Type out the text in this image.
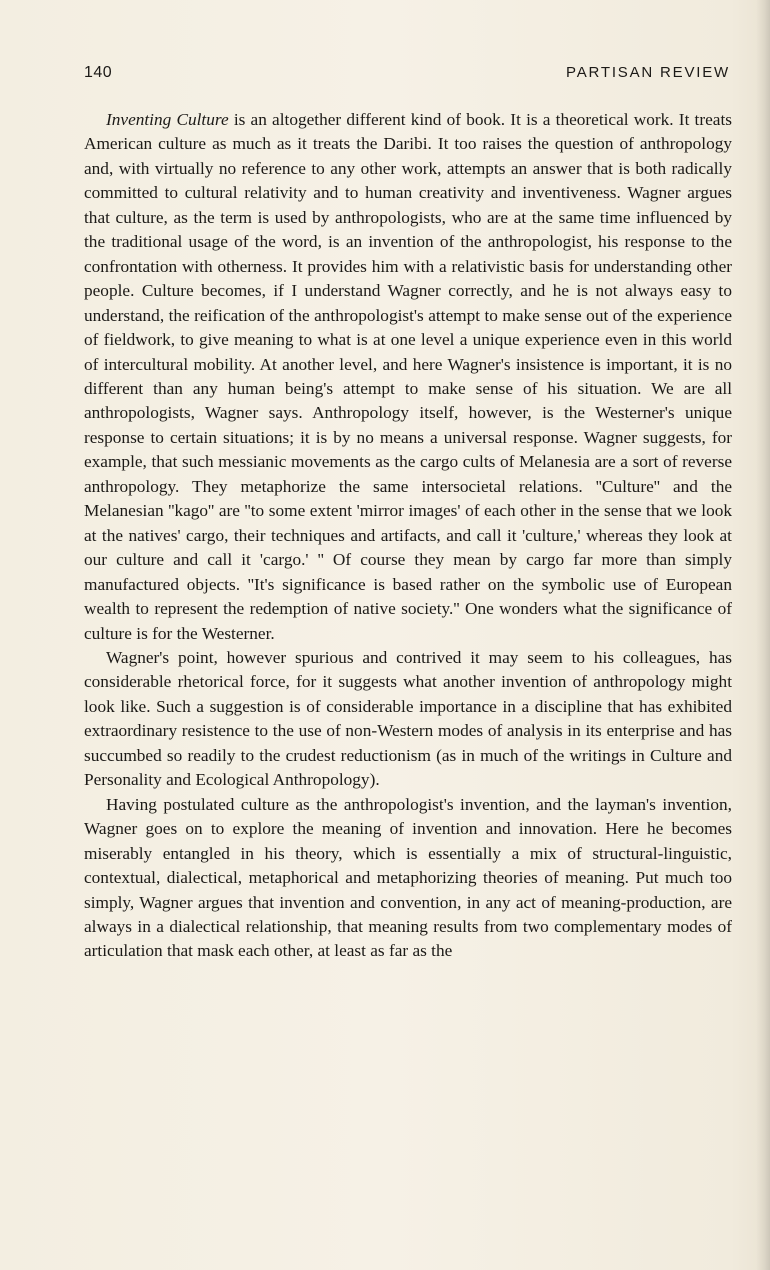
140	PARTISAN REVIEW

Inventing Culture is an altogether different kind of book. It is a theoretical work. It treats American culture as much as it treats the Daribi. It too raises the question of anthropology and, with virtually no reference to any other work, attempts an answer that is both radically committed to cultural relativity and to human creativity and inventiveness. Wagner argues that culture, as the term is used by anthropologists, who are at the same time influenced by the traditional usage of the word, is an invention of the anthropologist, his response to the confrontation with otherness. It provides him with a relativistic basis for understanding other people. Culture becomes, if I understand Wagner correctly, and he is not always easy to understand, the reification of the anthropologist's attempt to make sense out of the experience of fieldwork, to give meaning to what is at one level a unique experience even in this world of intercultural mobility. At another level, and here Wagner's insistence is important, it is no different than any human being's attempt to make sense of his situation. We are all anthropologists, Wagner says. Anthropology itself, however, is the Westerner's unique response to certain situations; it is by no means a universal response. Wagner suggests, for example, that such messianic movements as the cargo cults of Melanesia are a sort of reverse anthropology. They metaphorize the same intersocietal relations. ''Culture'' and the Melanesian ''kago'' are ''to some extent 'mirror images' of each other in the sense that we look at the natives' cargo, their techniques and artifacts, and call it 'culture,' whereas they look at our culture and call it 'cargo.' '' Of course they mean by cargo far more than simply manufactured objects. ''It's significance is based rather on the symbolic use of European wealth to represent the redemption of native society.'' One wonders what the significance of culture is for the Westerner.

Wagner's point, however spurious and contrived it may seem to his colleagues, has considerable rhetorical force, for it suggests what another invention of anthropology might look like. Such a suggestion is of considerable importance in a discipline that has exhibited extraordinary resistence to the use of non-Western modes of analysis in its enterprise and has succumbed so readily to the crudest reductionism (as in much of the writings in Culture and Personality and Ecological Anthropology).

Having postulated culture as the anthropologist's invention, and the layman's invention, Wagner goes on to explore the meaning of invention and innovation. Here he becomes miserably entangled in his theory, which is essentially a mix of structural-linguistic, contextual, dialectical, metaphorical and metaphorizing theories of meaning. Put much too simply, Wagner argues that invention and convention, in any act of meaning-production, are always in a dialectical relationship, that meaning results from two complementary modes of articulation that mask each other, at least as far as the
